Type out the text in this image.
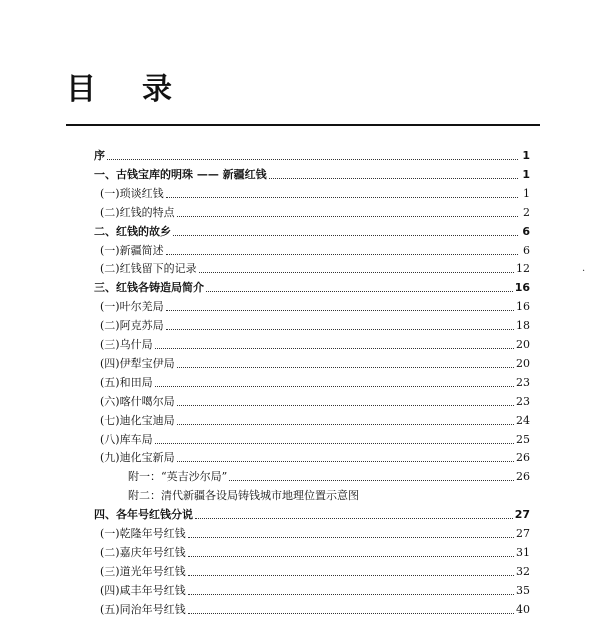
目 录
序	1
一、古钱宝库的明珠 —— 新疆红钱	1
(一)琐谈红钱	1
(二)红钱的特点	2
二、红钱的故乡	6
(一)新疆简述	6
(二)红钱留下的记录	12
三、红钱各铸造局简介	16
(一)叶尔羌局	16
(二)阿克苏局	18
(三)乌什局	20
(四)伊犁宝伊局	20
(五)和田局	23
(六)喀什噶尔局	23
(七)迪化宝迪局	24
(八)库车局	25
(九)迪化宝新局	26
附一：“英吉沙尔局”	26
附二：清代新疆各设局铸钱城市地理位置示意图
四、各年号红钱分说	27
(一)乾隆年号红钱	27
(二)嘉庆年号红钱	31
(三)道光年号红钱	32
(四)咸丰年号红钱	35
(五)同治年号红钱	40
·
